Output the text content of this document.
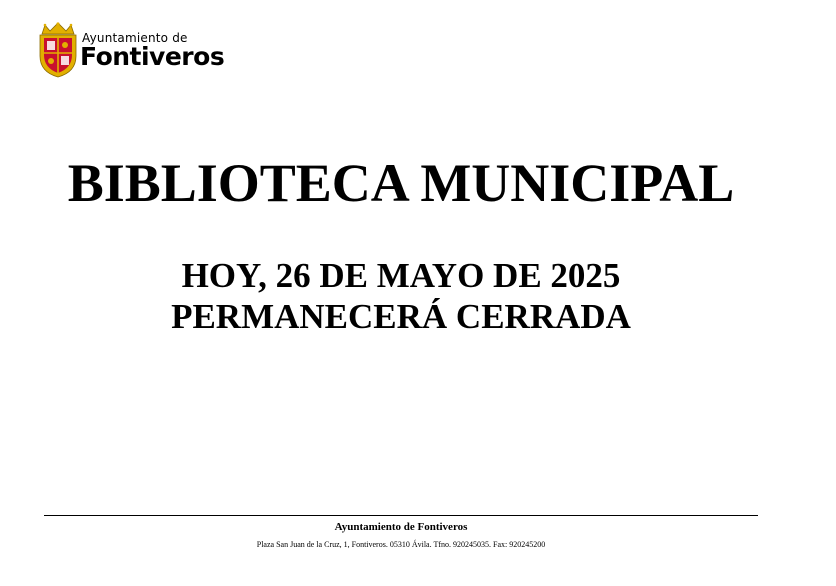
Ayuntamiento de
Fontiveros
BIBLIOTECA MUNICIPAL
HOY, 26 DE MAYO DE 2025
PERMANECERÁ CERRADA
Ayuntamiento de Fontiveros
Plaza San Juan de la Cruz, 1, Fontiveros. 05310 Ávila. Tfno. 920245035. Fax: 920245200
